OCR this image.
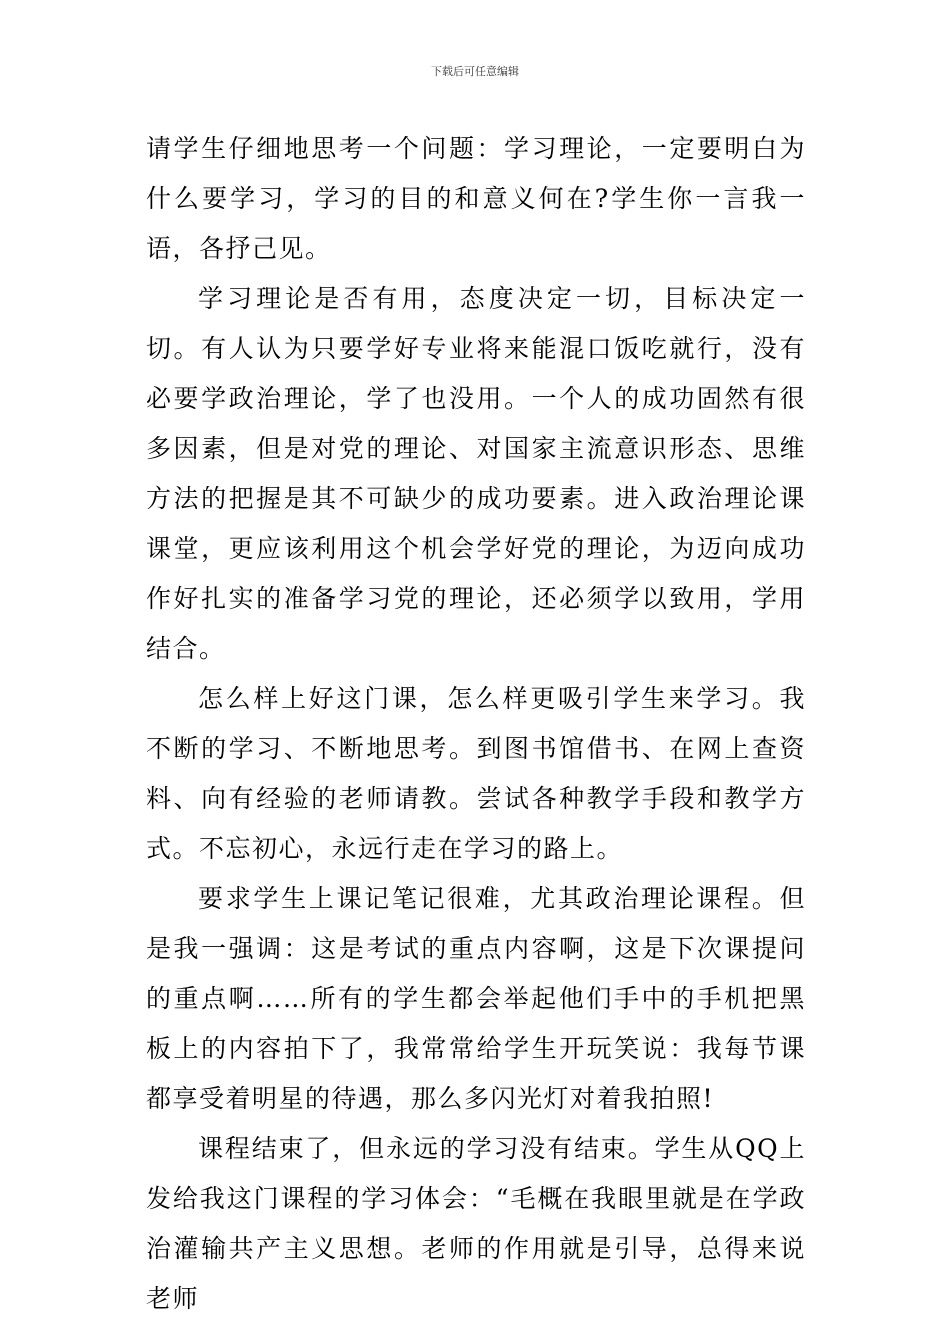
下载后可任意编辑

请学生仔细地思考一个问题：学习理论，一定要明白为什么要学习，学习的目的和意义何在?学生你一言我一语，各抒己见。

学习理论是否有用，态度决定一切，目标决定一切。有人认为只要学好专业将来能混口饭吃就行，没有必要学政治理论，学了也没用。一个人的成功固然有很多因素，但是对党的理论、对国家主流意识形态、思维方法的把握是其不可缺少的成功要素。进入政治理论课课堂，更应该利用这个机会学好党的理论，为迈向成功作好扎实的准备学习党的理论，还必须学以致用，学用结合。

怎么样上好这门课，怎么样更吸引学生来学习。我不断的学习、不断地思考。到图书馆借书、在网上查资料、向有经验的老师请教。尝试各种教学手段和教学方式。不忘初心，永远行走在学习的路上。

要求学生上课记笔记很难，尤其政治理论课程。但是我一强调：这是考试的重点内容啊，这是下次课提问的重点啊……所有的学生都会举起他们手中的手机把黑板上的内容拍下了，我常常给学生开玩笑说：我每节课都享受着明星的待遇，那么多闪光灯对着我拍照!

课程结束了，但永远的学习没有结束。学生从QQ上发给我这门课程的学习体会：“毛概在我眼里就是在学政治灌输共产主义思想。老师的作用就是引导，总得来说老师
